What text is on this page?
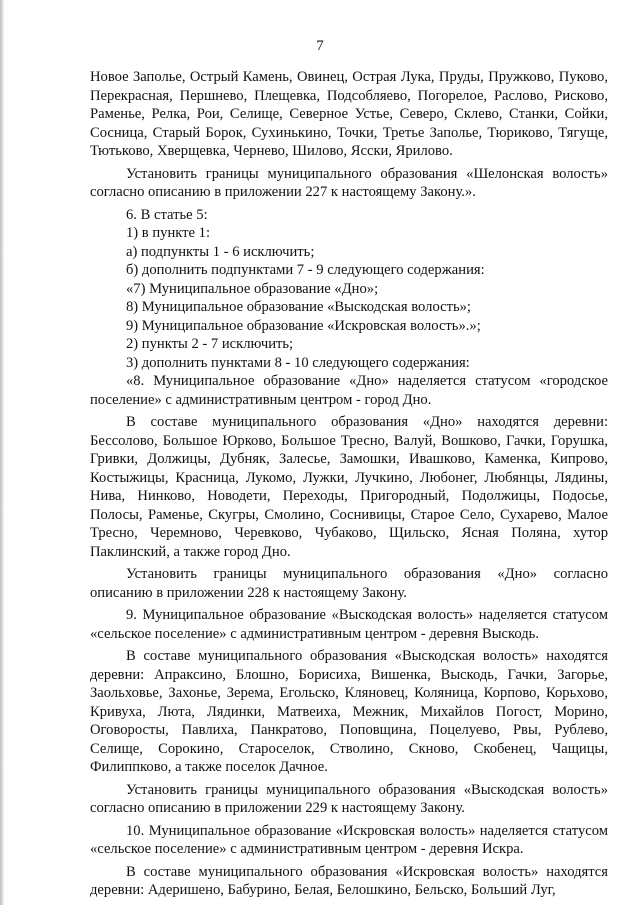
7

Новое Заполье, Острый Камень, Овинец, Острая Лука, Пруды, Пружково, Пуково, Перекрасная, Першнево, Плещевка, Подсобляево, Погорелое, Раслово, Рисково, Раменье, Релка, Рои, Селище, Северное Устье, Северо, Склево, Станки, Сойки, Сосница, Старый Борок, Сухинькино, Точки, Третье Заполье, Тюриково, Тягуще, Тютьково, Хверщевка, Чернево, Шилово, Ясски, Ярилово.

Установить границы муниципального образования «Шелонская волость» согласно описанию в приложении 227 к настоящему Закону.».

6. В статье 5:

1) в пункте 1:

а) подпункты 1 - 6 исключить;

б) дополнить подпунктами 7 - 9 следующего содержания:

«7) Муниципальное образование «Дно»;

8) Муниципальное образование «Выскодская волость»;

9) Муниципальное образование «Искровская волость».»;

2) пункты 2 - 7 исключить;

3) дополнить пунктами 8 - 10 следующего содержания:

«8. Муниципальное образование «Дно» наделяется статусом «городское поселение» с административным центром - город Дно.

В составе муниципального образования «Дно» находятся деревни: Бессолово, Большое Юрково, Большое Тресно, Валуй, Вошково, Гачки, Горушка, Гривки, Должицы, Дубняк, Залесье, Замошки, Ивашково, Каменка, Кипрово, Костыжицы, Красница, Лукомо, Лужки, Лучкино, Любонег, Любянцы, Лядины, Нива, Нинково, Новодети, Переходы, Пригородный, Подолжицы, Подосье, Полосы, Раменье, Скугры, Смолино, Соснивицы, Старое Село, Сухарево, Малое Тресно, Черемново, Черевково, Чубаково, Щильско, Ясная Поляна, хутор Паклинский, а также город Дно.

Установить границы муниципального образования «Дно» согласно описанию в приложении 228 к настоящему Закону.

9. Муниципальное образование «Выскодская волость» наделяется статусом «сельское поселение» с административным центром - деревня Выскодь.

В составе муниципального образования «Выскодская волость» находятся деревни: Апраксино, Блошно, Борисиха, Вишенка, Выскодь, Гачки, Загорье, Заольховье, Захонье, Зерема, Егольско, Кляновец, Коляница, Корпово, Корьхово, Кривуха, Люта, Лядинки, Матвеиха, Межник, Михайлов Погост, Морино, Оговоросты, Павлиха, Панкратово, Поповщина, Поцелуево, Рвы, Рублево, Селище, Сорокино, Староселок, Стволино, Скново, Скобенец, Чащицы, Филиппково, а также поселок Дачное.

Установить границы муниципального образования «Выскодская волость» согласно описанию в приложении 229 к настоящему Закону.

10. Муниципальное образование «Искровская волость» наделяется статусом «сельское поселение» с административным центром - деревня Искра.

В составе муниципального образования «Искровская волость» находятся деревни: Адеришено, Бабурино, Белая, Белошкино, Бельско, Больший Луг,
